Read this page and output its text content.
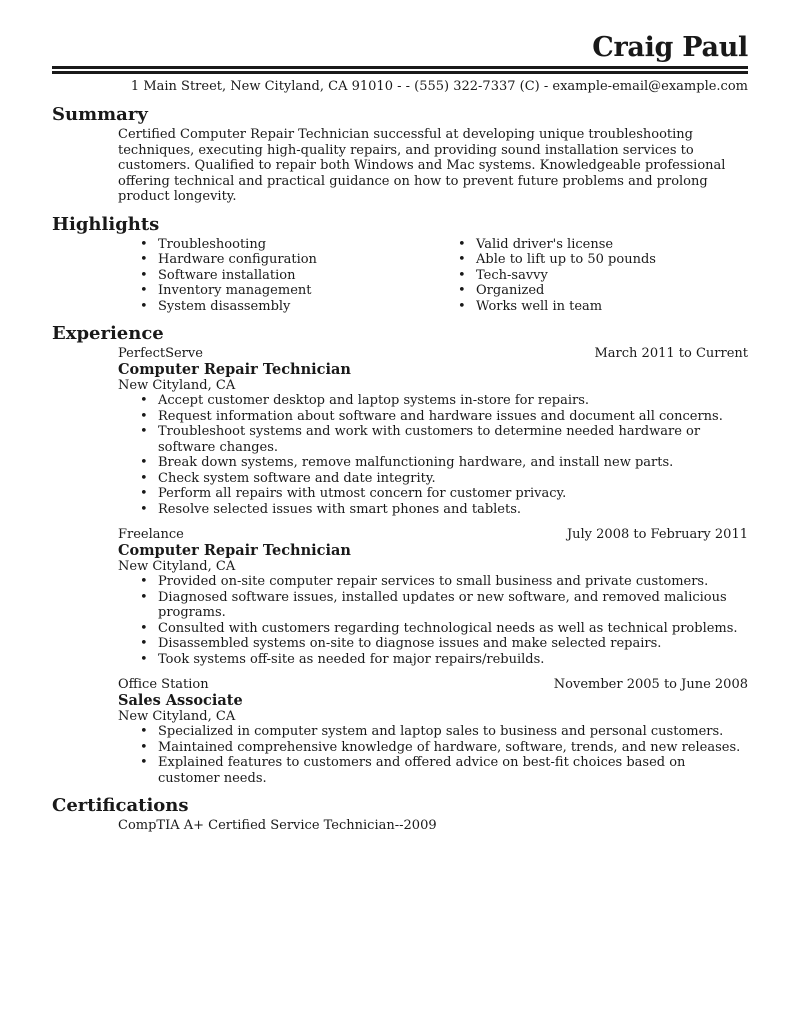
Craig Paul
1 Main Street, New Cityland, CA 91010 - - (555) 322-7337 (C) - example-email@example.com
Summary

Certified Computer Repair Technician successful at developing unique troubleshooting techniques, executing high-quality repairs, and providing sound installation services to customers. Qualified to repair both Windows and Mac systems. Knowledgeable professional offering technical and practical guidance on how to prevent future problems and prolong product longevity.

Highlights
• Troubleshooting
• Hardware configuration
• Software installation
• Inventory management
• System disassembly
• Valid driver's license
• Able to lift up to 50 pounds
• Tech-savvy
• Organized
• Works well in team
Experience
PerfectServe	March 2011 to Current
Computer Repair Technician
New Cityland, CA
• Accept customer desktop and laptop systems in-store for repairs.
• Request information about software and hardware issues and document all concerns.
• Troubleshoot systems and work with customers to determine needed hardware or software changes.
• Break down systems, remove malfunctioning hardware, and install new parts.
• Check system software and date integrity.
• Perform all repairs with utmost concern for customer privacy.
• Resolve selected issues with smart phones and tablets.
Freelance	July 2008 to February 2011
Computer Repair Technician
New Cityland, CA
• Provided on-site computer repair services to small business and private customers.
• Diagnosed software issues, installed updates or new software, and removed malicious programs.
• Consulted with customers regarding technological needs as well as technical problems.
• Disassembled systems on-site to diagnose issues and make selected repairs.
• Took systems off-site as needed for major repairs/rebuilds.
Office Station	November 2005 to June 2008
Sales Associate
New Cityland, CA
• Specialized in computer system and laptop sales to business and personal customers.
• Maintained comprehensive knowledge of hardware, software, trends, and new releases.
• Explained features to customers and offered advice on best-fit choices based on customer needs.
Certifications
CompTIA A+ Certified Service Technician--2009
